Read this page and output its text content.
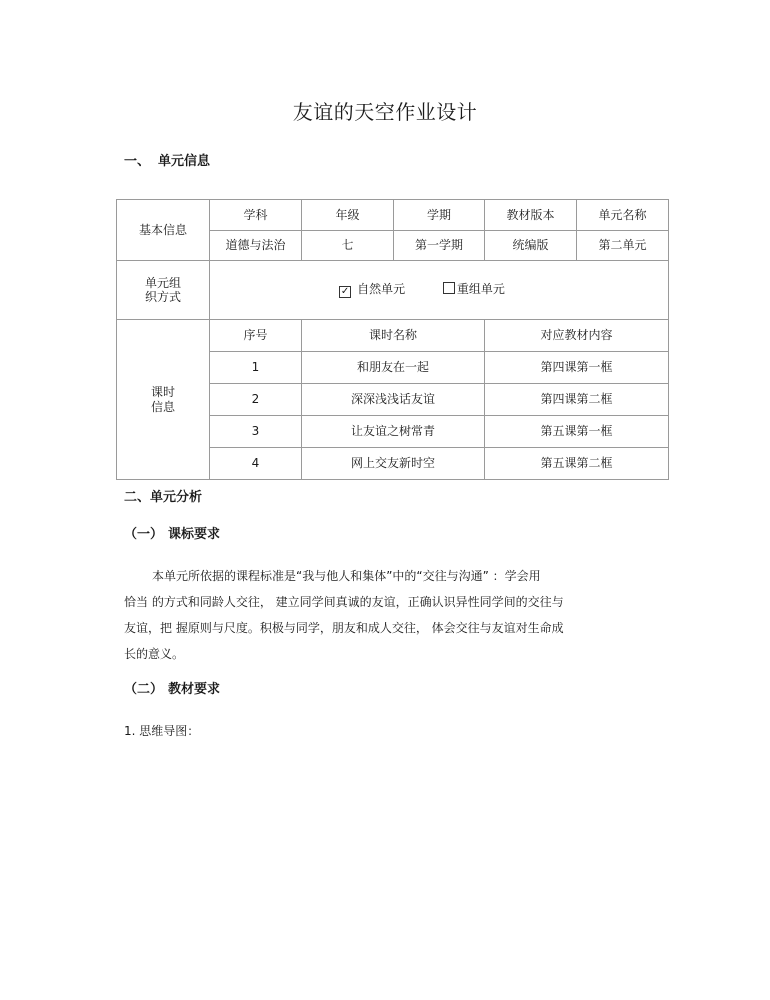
友谊的天空作业设计
一、 单元信息
基本信息	学科	年级	学期	教材版本	单元名称
	道德与法治	七	第一学期	统编版	第二单元

单元组
织方式	✓ 自然单元 重组单元				

课时
信息	序号	课时名称		对应教材内容	
	1	和朋友在一起		第四课第一框	
	2	深深浅浅话友谊		第四课第二框	
	3	让友谊之树常青		第五课第一框	
	4	网上交友新时空		第五课第二框	
二、单元分析
（一） 课标要求

本单元所依据的课程标准是“我与他人和集体”中的“交往与沟通” ：学会用

恰当 的方式和同龄人交往， 建立同学间真诚的友谊，正确认识异性同学间的交往与

友谊，把 握原则与尺度。积极与同学，朋友和成人交往， 体会交往与友谊对生命成

长的意义。

（二） 教材要求
1. 思维导图：
